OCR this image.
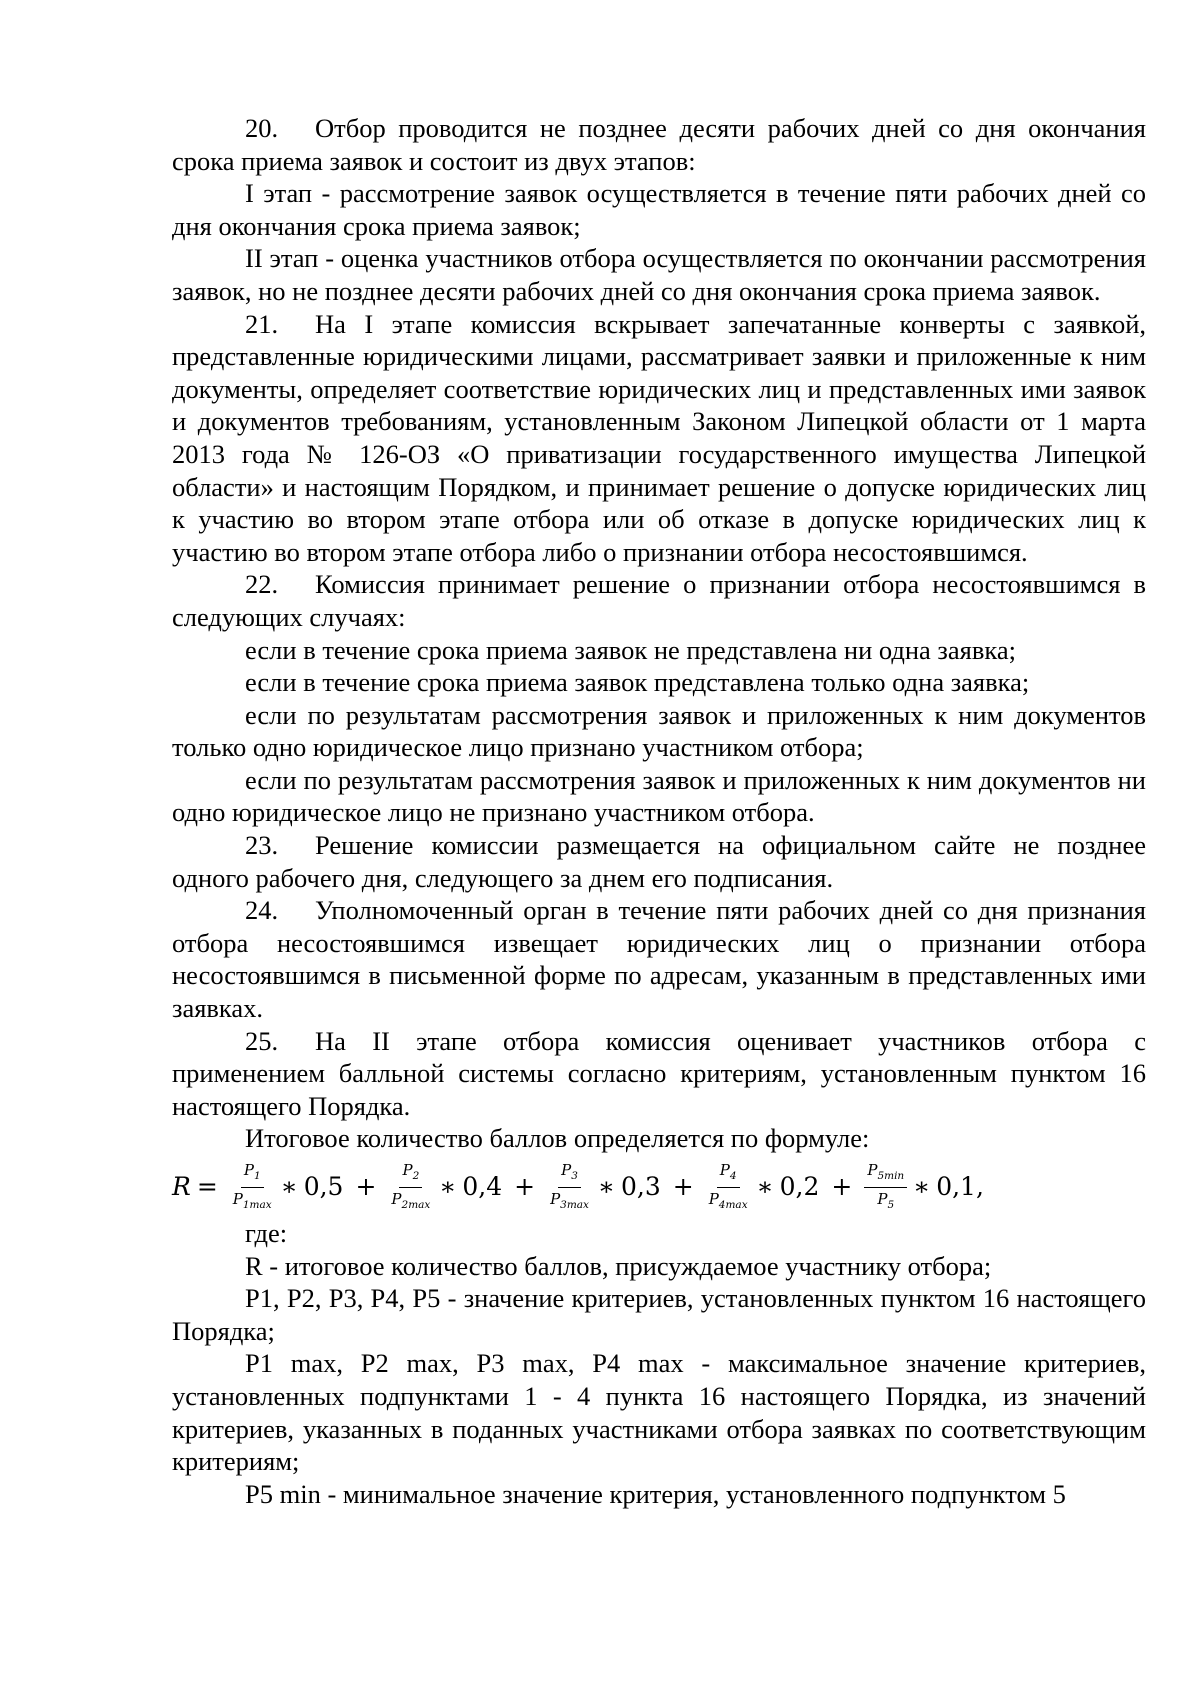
20. Отбор проводится не позднее десяти рабочих дней со дня окончания срока приема заявок и состоит из двух этапов:

I этап - рассмотрение заявок осуществляется в течение пяти рабочих дней со дня окончания срока приема заявок;

II этап - оценка участников отбора осуществляется по окончании рассмотрения заявок, но не позднее десяти рабочих дней со дня окончания срока приема заявок.

21. На I этапе комиссия вскрывает запечатанные конверты с заявкой, представленные юридическими лицами, рассматривает заявки и приложенные к ним документы, определяет соответствие юридических лиц и представленных ими заявок и документов требованиям, установленным Законом Липецкой области от 1 марта 2013 года № 126-ОЗ «О приватизации государственного имущества Липецкой области» и настоящим Порядком, и принимает решение о допуске юридических лиц к участию во втором этапе отбора или об отказе в допуске юридических лиц к участию во втором этапе отбора либо о признании отбора несостоявшимся.

22. Комиссия принимает решение о признании отбора несостоявшимся в следующих случаях:

если в течение срока приема заявок не представлена ни одна заявка;

если в течение срока приема заявок представлена только одна заявка;

если по результатам рассмотрения заявок и приложенных к ним документов только одно юридическое лицо признано участником отбора;

если по результатам рассмотрения заявок и приложенных к ним документов ни одно юридическое лицо не признано участником отбора.

23. Решение комиссии размещается на официальном сайте не позднее одного рабочего дня, следующего за днем его подписания.

24. Уполномоченный орган в течение пяти рабочих дней со дня признания отбора несостоявшимся извещает юридических лиц о признании отбора несостоявшимся в письменной форме по адресам, указанным в представленных ими заявках.

25. На II этапе отбора комиссия оценивает участников отбора с применением балльной системы согласно критериям, установленным пунктом 16 настоящего Порядка.

Итоговое количество баллов определяется по формуле:

$R = \frac{P_1}{P_{1max}}$ ∗ $0,5 + \frac{P_2}{P_{2max}}$ ∗ $0,4 + \frac{P_3}{P_{3max}}$ ∗ $0,3 + \frac{P_4}{P_{4max}}$ ∗ $0,2 + \frac{P_{5min}}{P_5}$ ∗ 0,1,

где:

R - итоговое количество баллов, присуждаемое участнику отбора;

P1, P2, P3, P4, P5 - значение критериев, установленных пунктом 16 настоящего Порядка;

P1 max, P2 max, P3 max, P4 max - максимальное значение критериев, установленных подпунктами 1 - 4 пункта 16 настоящего Порядка, из значений критериев, указанных в поданных участниками отбора заявках по соответствующим критериям;

P5 min - минимальное значение критерия, установленного подпунктом 5
